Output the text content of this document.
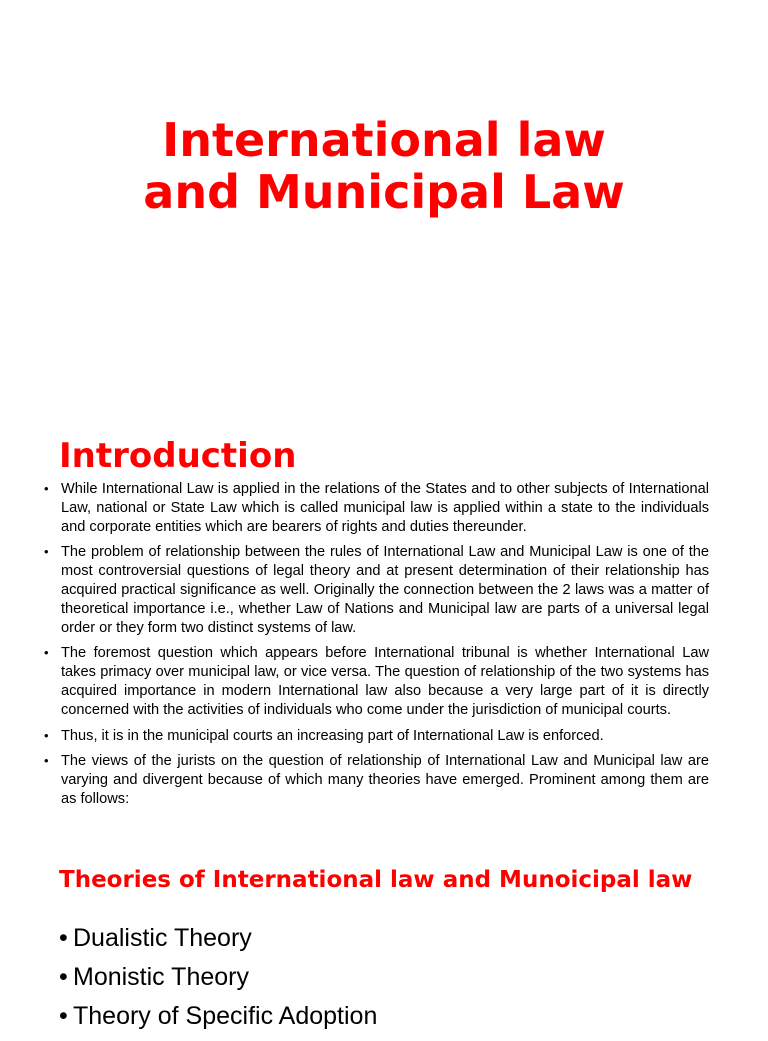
International law
and Municipal Law
Introduction
• While International Law is applied in the relations of the States and to other subjects of International Law, national or State Law which is called municipal law is applied within a state to the individuals and corporate entities which are bearers of rights and duties thereunder.
• The problem of relationship between the rules of International Law and Municipal Law is one of the most controversial questions of legal theory and at present determination of their relationship has acquired practical significance as well. Originally the connection between the 2 laws was a matter of theoretical importance i.e., whether Law of Nations and Municipal law are parts of a universal legal order or they form two distinct systems of law.
• The foremost question which appears before International tribunal is whether International Law takes primacy over municipal law, or vice versa. The question of relationship of the two systems has acquired importance in modern International law also because a very large part of it is directly concerned with the activities of individuals who come under the jurisdiction of municipal courts.
• Thus, it is in the municipal courts an increasing part of International Law is enforced.
• The views of the jurists on the question of relationship of International Law and Municipal law are varying and divergent because of which many theories have emerged. Prominent among them are as follows:
Theories of International law and Munoicipal law
• Dualistic Theory
• Monistic Theory
• Theory of Specific Adoption
